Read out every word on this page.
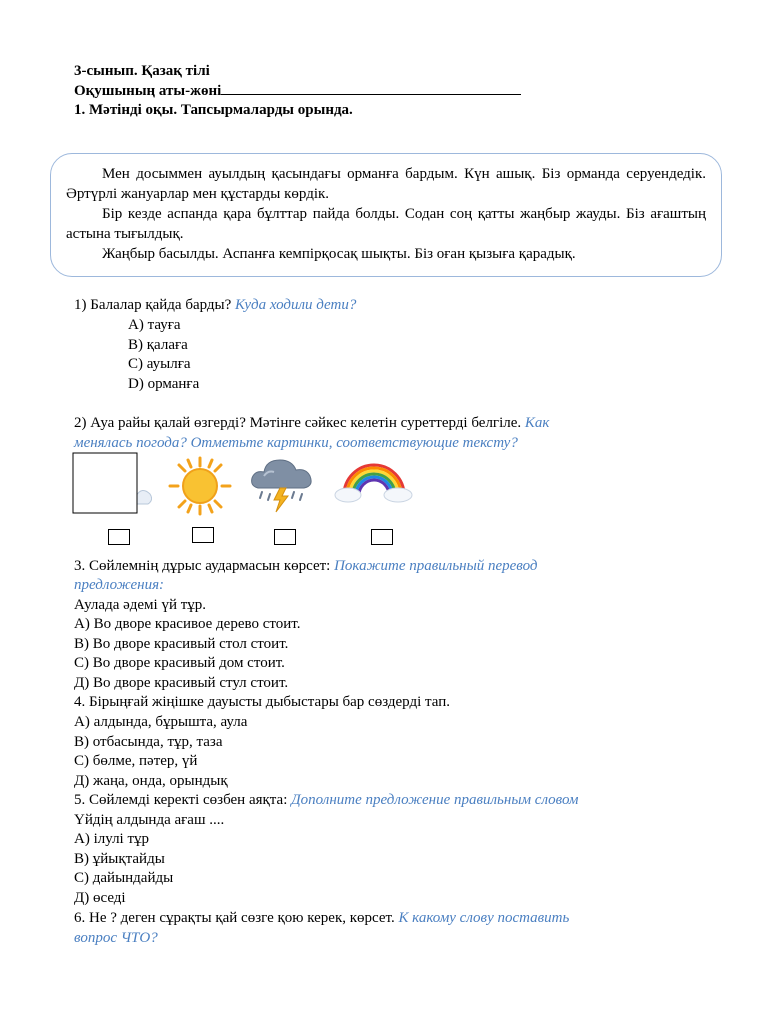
3-сынып. Қазақ тілі
Оқушының аты-жөні
1. Мәтінді оқы. Тапсырмаларды орында.

Мен досыммен ауылдың қасындағы орманға бардым. Күн ашық. Біз орманда серуендедік. Әртүрлі жануарлар мен құстарды көрдік.

Бір кезде аспанда қара бұлттар пайда болды. Содан соң қатты жаңбыр жауды. Біз ағаштың астына тығылдық.

Жаңбыр басылды. Аспанға кемпірқосақ шықты. Біз оған қызыға қарадық.

1) Балалар қайда барды? Куда ходили дети?
A) тауға
B) қалаға
C) ауылға
D) орманға
2) Ауа райы қалай өзгерді? Мәтінге сәйкес келетін суреттерді белгіле. Как
менялась погода? Отметьте картинки, соответствующие тексту?
3. Сөйлемнің дұрыс аудармасын көрсет: Покажите правильный перевод
предложения:
Аулада әдемі үй тұр.
А) Во дворе красивое дерево стоит.
В) Во дворе красивый стол стоит.
С) Во дворе красивый дом стоит.
Д) Во дворе красивый стул стоит.
4. Бірыңғай жіңішке дауысты дыбыстары бар сөздерді тап.
А) алдында, бұрышта, аула
В) отбасында, тұр, таза
С) бөлме, пәтер, үй
Д) жаңа, онда, орындық
5. Сөйлемді керекті сөзбен аяқта: Дополните предложение правильным словом
Үйдің алдында ағаш ....
А) ілулі тұр
В) ұйықтайды
С) дайындайды
Д) өседі
6. Не ? деген сұрақты қай сөзге қою керек, көрсет. К какому слову поставить
вопрос ЧТО?
